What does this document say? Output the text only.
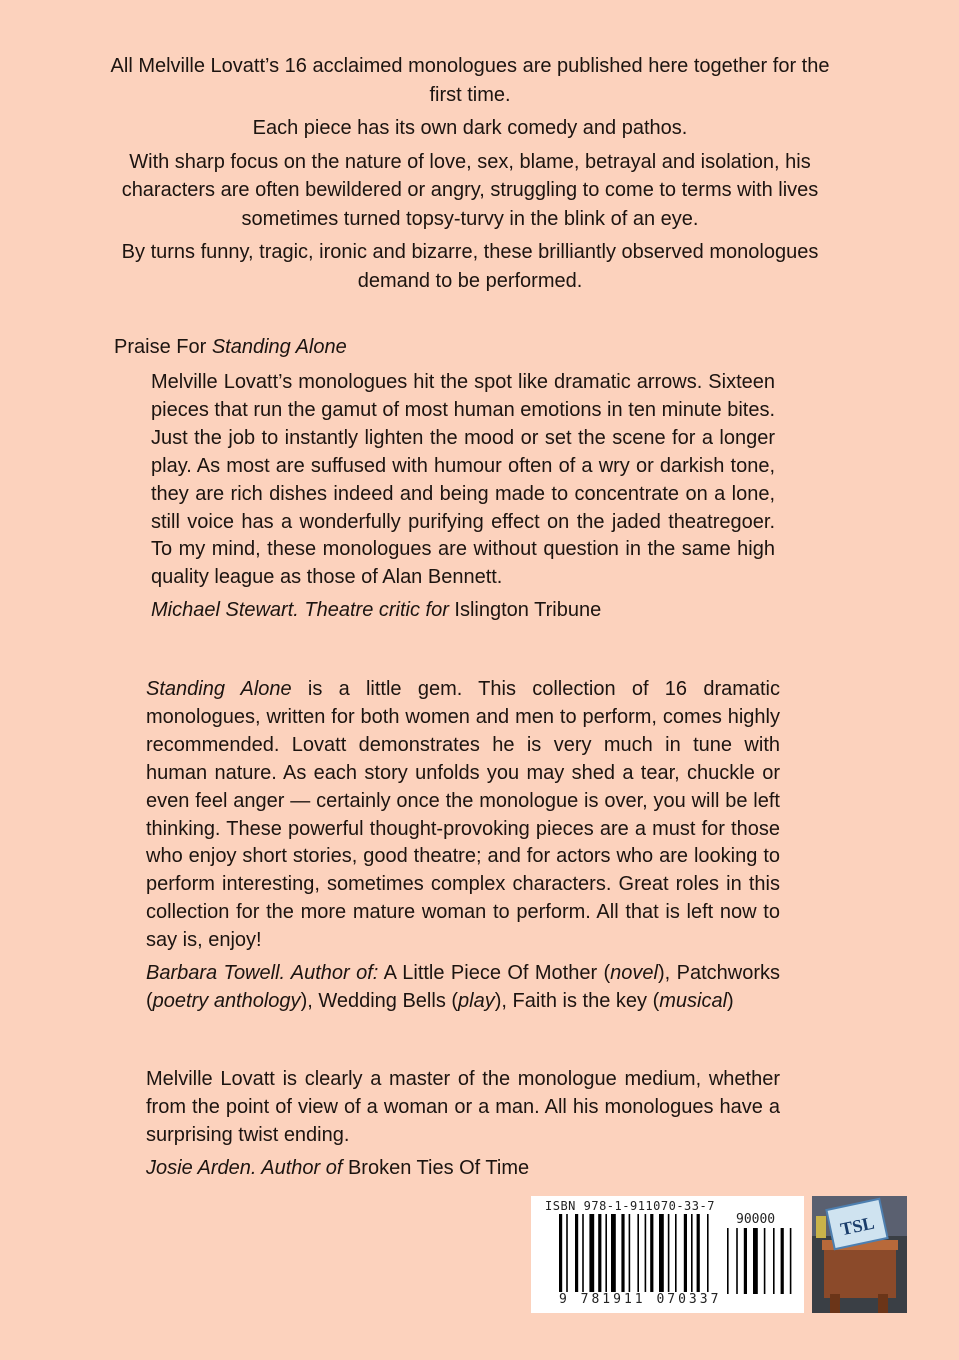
All Melville Lovatt’s 16 acclaimed monologues are published here together for the first time.

Each piece has its own dark comedy and pathos.

With sharp focus on the nature of love, sex, blame, betrayal and isolation, his characters are often bewildered or angry, struggling to come to terms with lives sometimes turned topsy-turvy in the blink of an eye.

By turns funny, tragic, ironic and bizarre, these brilliantly observed monologues demand to be performed.

Praise For Standing Alone

Melville Lovatt’s monologues hit the spot like dramatic arrows. Sixteen pieces that run the gamut of most human emotions in ten minute bites. Just the job to instantly lighten the mood or set the scene for a longer play. As most are suffused with humour often of a wry or darkish tone, they are rich dishes indeed and being made to concentrate on a lone, still voice has a wonderfully purifying effect on the jaded theatregoer. To my mind, these monologues are without question in the same high quality league as those of Alan Bennett.

Michael Stewart. Theatre critic for Islington Tribune

Standing Alone is a little gem. This collection of 16 dramatic monologues, written for both women and men to perform, comes highly recommended. Lovatt demonstrates he is very much in tune with human nature. As each story unfolds you may shed a tear, chuckle or even feel anger — certainly once the monologue is over, you will be left thinking. These powerful thought-provoking pieces are a must for those who enjoy short stories, good theatre; and for actors who are looking to perform interesting, sometimes complex characters. Great roles in this collection for the more mature woman to perform. All that is left now to say is, enjoy!

Barbara Towell. Author of: A Little Piece Of Mother (novel), Patchworks (poetry anthology), Wedding Bells (play), Faith is the key (musical)

Melville Lovatt is clearly a master of the monologue medium, whether from the point of view of a woman or a man. All his monologues have a surprising twist ending.

Josie Arden. Author of Broken Ties Of Time

ISBN 978-1-911070-33-7
90000
9 781911 070337
TSL
